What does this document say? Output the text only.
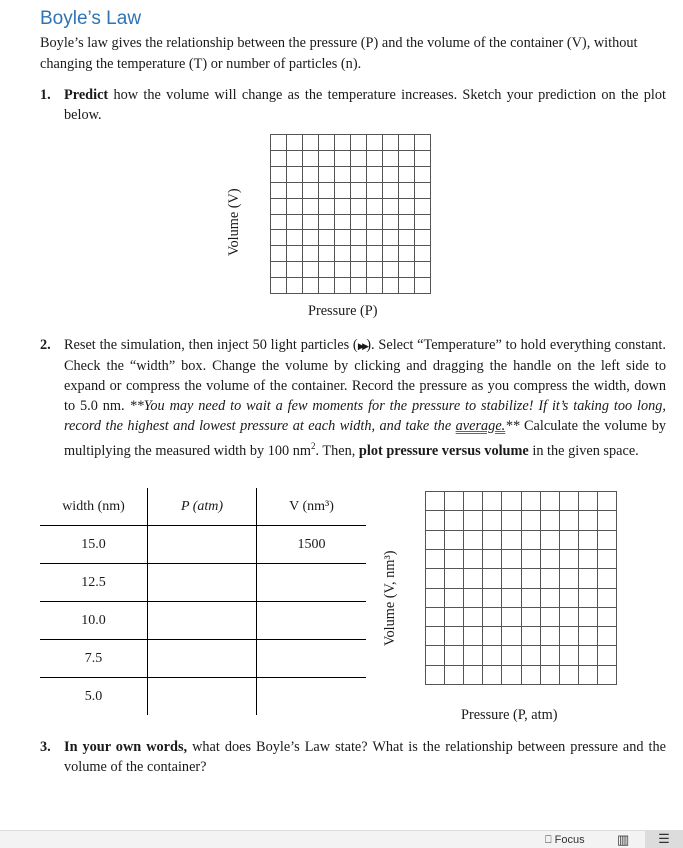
Boyle’s Law
Boyle’s law gives the relationship between the pressure (P) and the volume of the container (V), without changing the temperature (T) or number of particles (n).
1. Predict how the volume will change as the temperature increases. Sketch your prediction on the plot below.
Volume (V)
Pressure (P)
2. Reset the simulation, then inject 50 light particles (▶▶). Select “Temperature” to hold everything constant. Check the “width” box. Change the volume by clicking and dragging the handle on the left side to expand or compress the volume of the container. Record the pressure as you compress the width, down to 5.0 nm. **You may need to wait a few moments for the pressure to stabilize! If it’s taking too long, record the highest and lowest pressure at each width, and take the average.** Calculate the volume by multiplying the measured width by 100 $nm^2$. Then, plot pressure versus volume in the given space.
width (nm)	P (atm)	V (nm³)
15.0		1500
12.5		
10.0		
7.5		
5.0		
Volume (V, nm³)
Pressure (P, atm)
3. In your own words, what does Boyle’s Law state? What is the relationship between pressure and the volume of the container?
⎕ Focus ▥	☰
